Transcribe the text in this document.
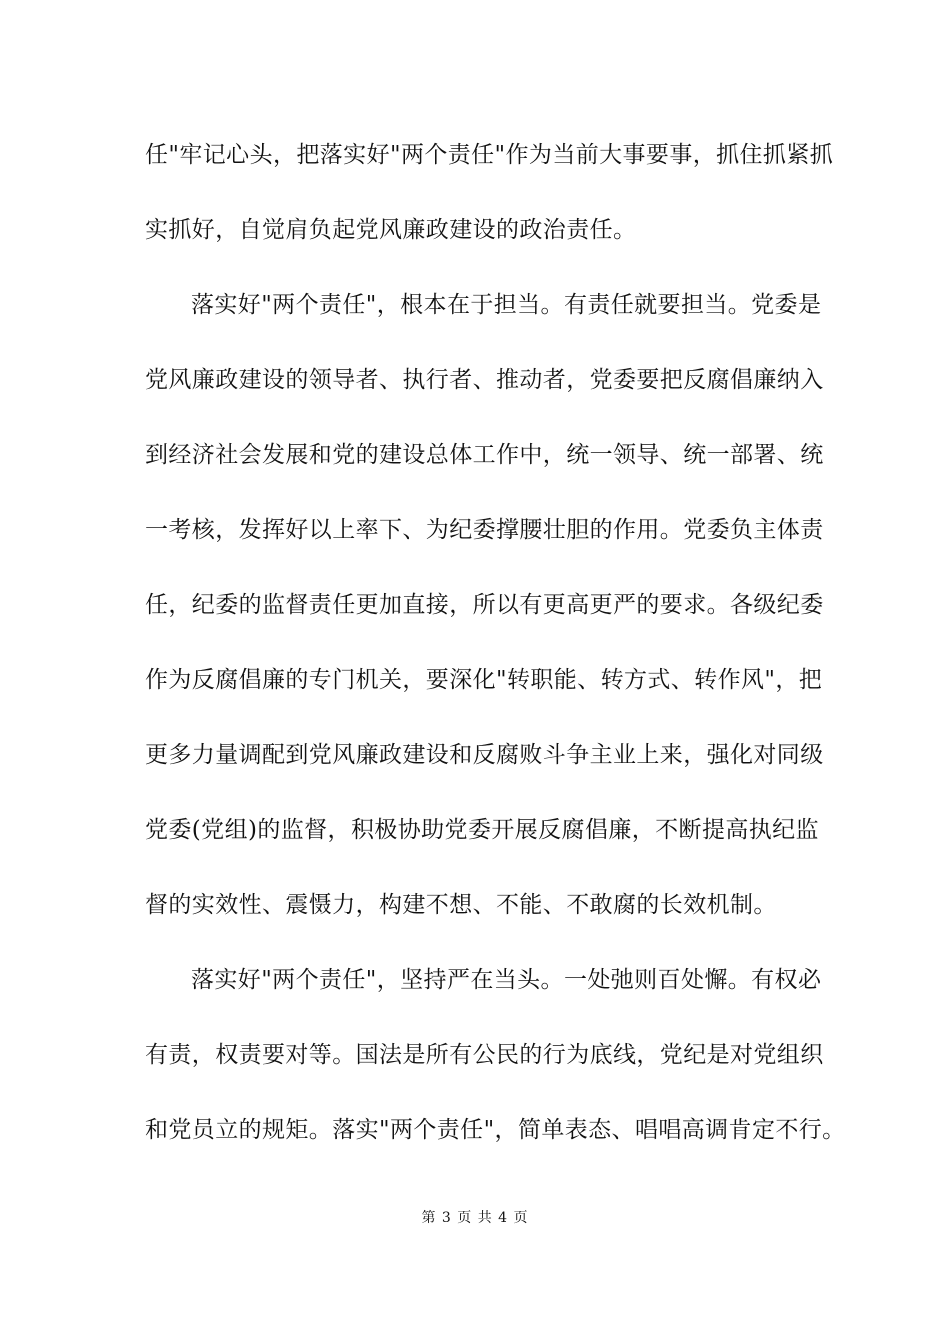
任"牢记心头，把落实好"两个责任"作为当前大事要事，抓住抓紧抓
实抓好，自觉肩负起党风廉政建设的政治责任。
落实好"两个责任"，根本在于担当。有责任就要担当。党委是
党风廉政建设的领导者、执行者、推动者，党委要把反腐倡廉纳入
到经济社会发展和党的建设总体工作中，统一领导、统一部署、统
一考核，发挥好以上率下、为纪委撑腰壮胆的作用。党委负主体责
任，纪委的监督责任更加直接，所以有更高更严的要求。各级纪委
作为反腐倡廉的专门机关，要深化"转职能、转方式、转作风"，把
更多力量调配到党风廉政建设和反腐败斗争主业上来，强化对同级
党委(党组)的监督，积极协助党委开展反腐倡廉，不断提高执纪监
督的实效性、震慑力，构建不想、不能、不敢腐的长效机制。
落实好"两个责任"，坚持严在当头。一处弛则百处懈。有权必
有责，权责要对等。国法是所有公民的行为底线，党纪是对党组织
和党员立的规矩。落实"两个责任"，简单表态、唱唱高调肯定不行。
第 3 页 共 4 页
